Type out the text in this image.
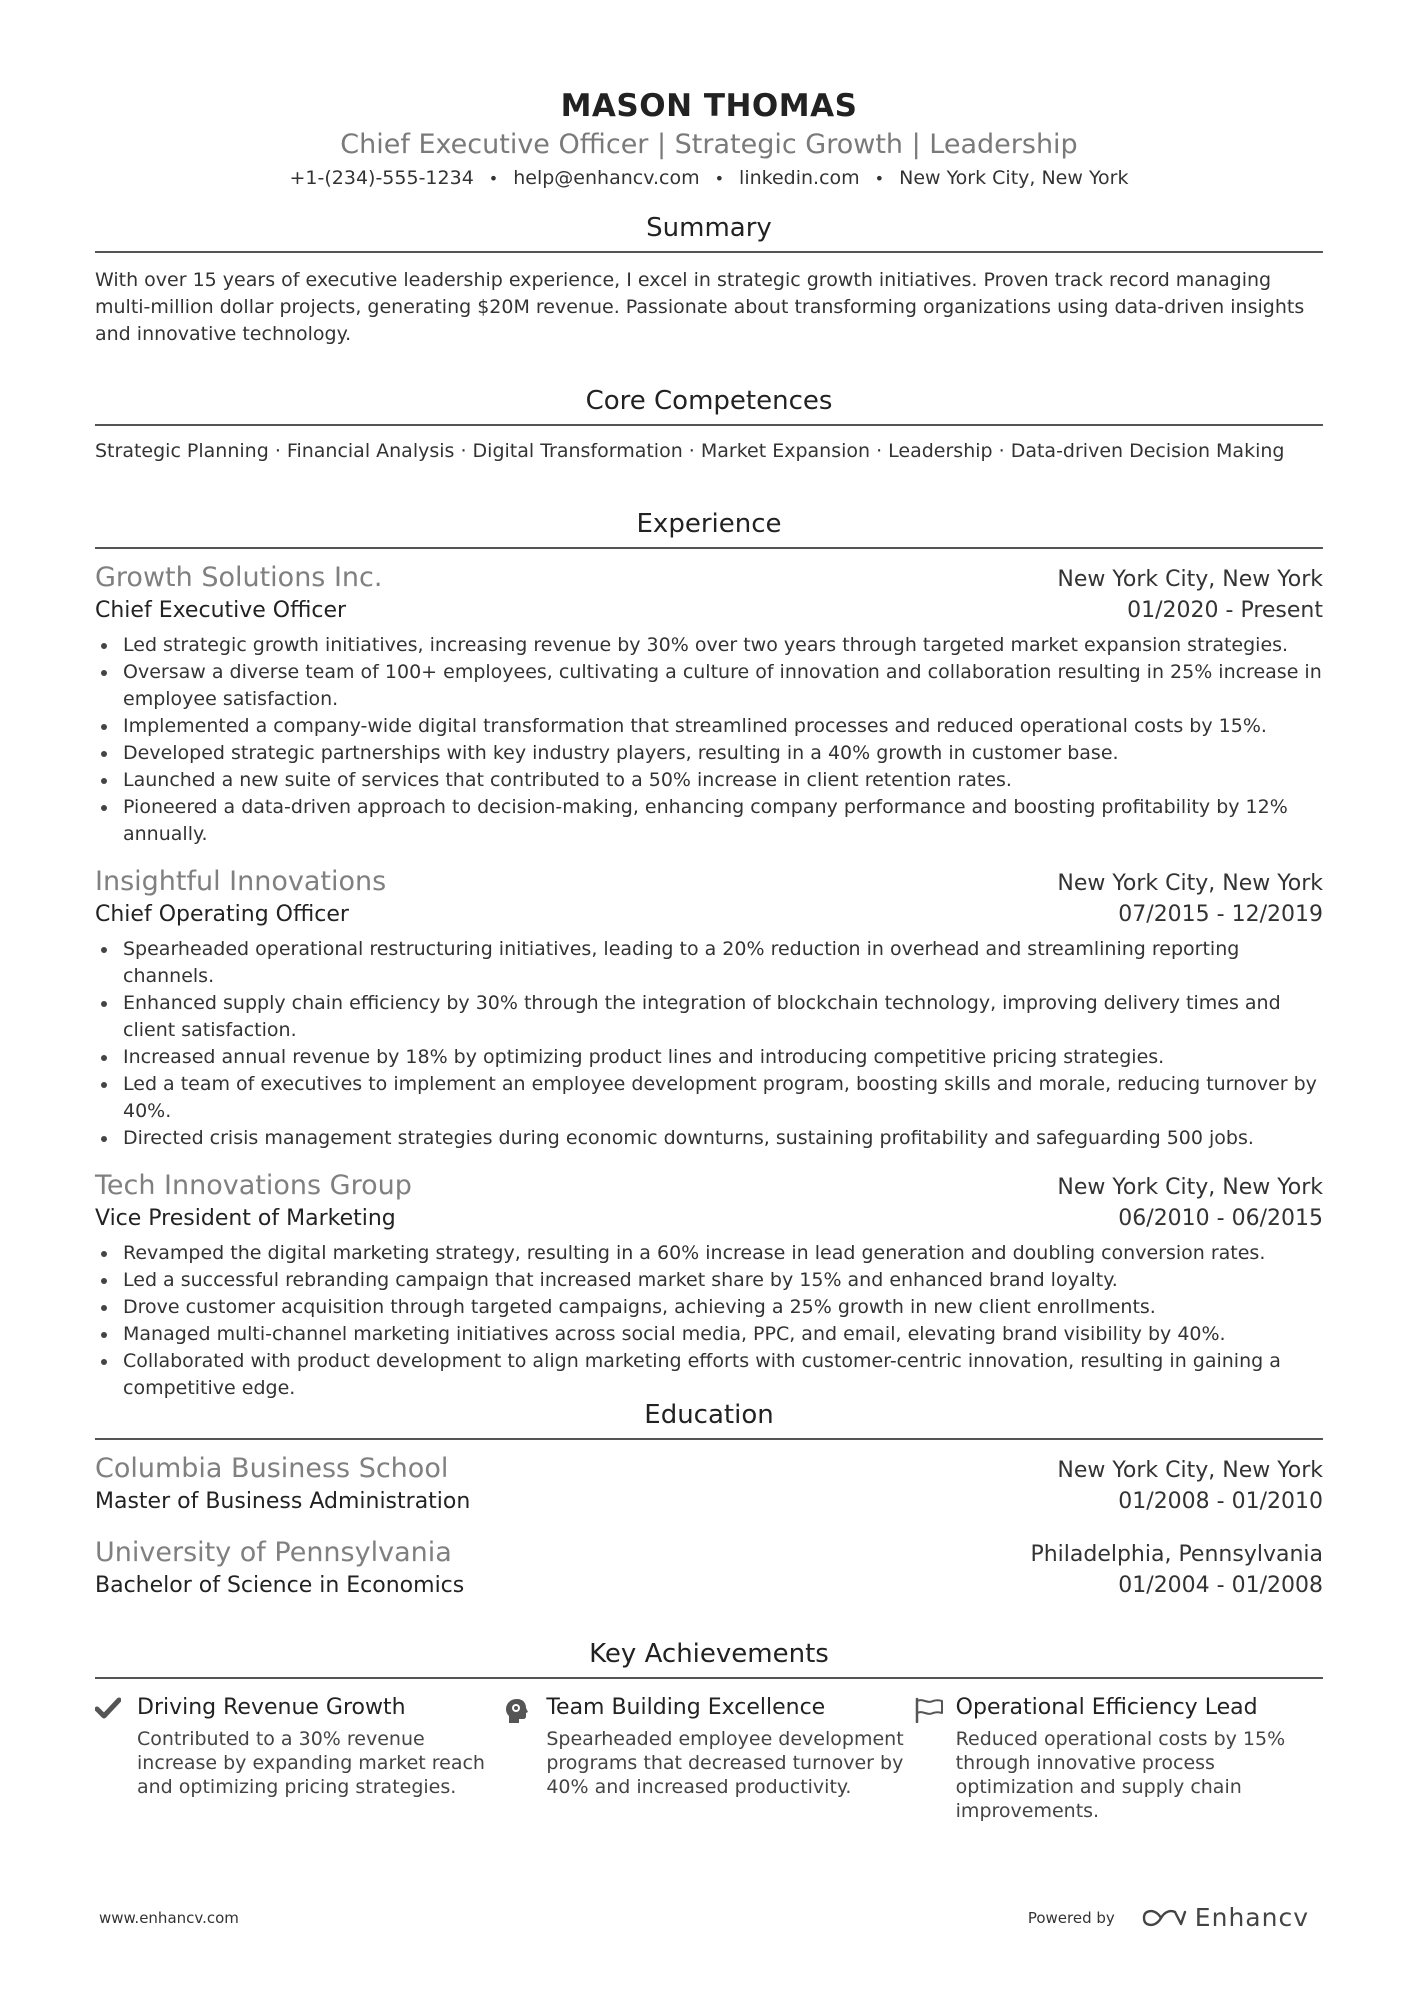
MASON THOMAS
Chief Executive Officer | Strategic Growth | Leadership
+1-(234)-555-1234 • help@enhancv.com • linkedin.com • New York City, New York
Summary
With over 15 years of executive leadership experience, I excel in strategic growth initiatives. Proven track record managing multi-million dollar projects, generating $20M revenue. Passionate about transforming organizations using data-driven insights and innovative technology.
Core Competences
Strategic Planning · Financial Analysis · Digital Transformation · Market Expansion · Leadership · Data-driven Decision Making
Experience
Growth Solutions Inc.	New York City, New York
Chief Executive Officer	01/2020 - Present
Led strategic growth initiatives, increasing revenue by 30% over two years through targeted market expansion strategies.
Oversaw a diverse team of 100+ employees, cultivating a culture of innovation and collaboration resulting in 25% increase in employee satisfaction.
Implemented a company-wide digital transformation that streamlined processes and reduced operational costs by 15%.
Developed strategic partnerships with key industry players, resulting in a 40% growth in customer base.
Launched a new suite of services that contributed to a 50% increase in client retention rates.
Pioneered a data-driven approach to decision-making, enhancing company performance and boosting profitability by 12% annually.
Insightful Innovations	New York City, New York
Chief Operating Officer	07/2015 - 12/2019
Spearheaded operational restructuring initiatives, leading to a 20% reduction in overhead and streamlining reporting channels.
Enhanced supply chain efficiency by 30% through the integration of blockchain technology, improving delivery times and client satisfaction.
Increased annual revenue by 18% by optimizing product lines and introducing competitive pricing strategies.
Led a team of executives to implement an employee development program, boosting skills and morale, reducing turnover by 40%.
Directed crisis management strategies during economic downturns, sustaining profitability and safeguarding 500 jobs.
Tech Innovations Group	New York City, New York
Vice President of Marketing	06/2010 - 06/2015
Revamped the digital marketing strategy, resulting in a 60% increase in lead generation and doubling conversion rates.
Led a successful rebranding campaign that increased market share by 15% and enhanced brand loyalty.
Drove customer acquisition through targeted campaigns, achieving a 25% growth in new client enrollments.
Managed multi-channel marketing initiatives across social media, PPC, and email, elevating brand visibility by 40%.
Collaborated with product development to align marketing efforts with customer-centric innovation, resulting in gaining a competitive edge.
Education
Columbia Business School	New York City, New York
Master of Business Administration	01/2008 - 01/2010
University of Pennsylvania	Philadelphia, Pennsylvania
Bachelor of Science in Economics	01/2004 - 01/2008
Key Achievements
Driving Revenue Growth
Contributed to a 30% revenue increase by expanding market reach and optimizing pricing strategies.
Team Building Excellence
Spearheaded employee development programs that decreased turnover by 40% and increased productivity.
Operational Efficiency Lead
Reduced operational costs by 15% through innovative process optimization and supply chain improvements.
www.enhancv.com	Powered by	Enhancv
